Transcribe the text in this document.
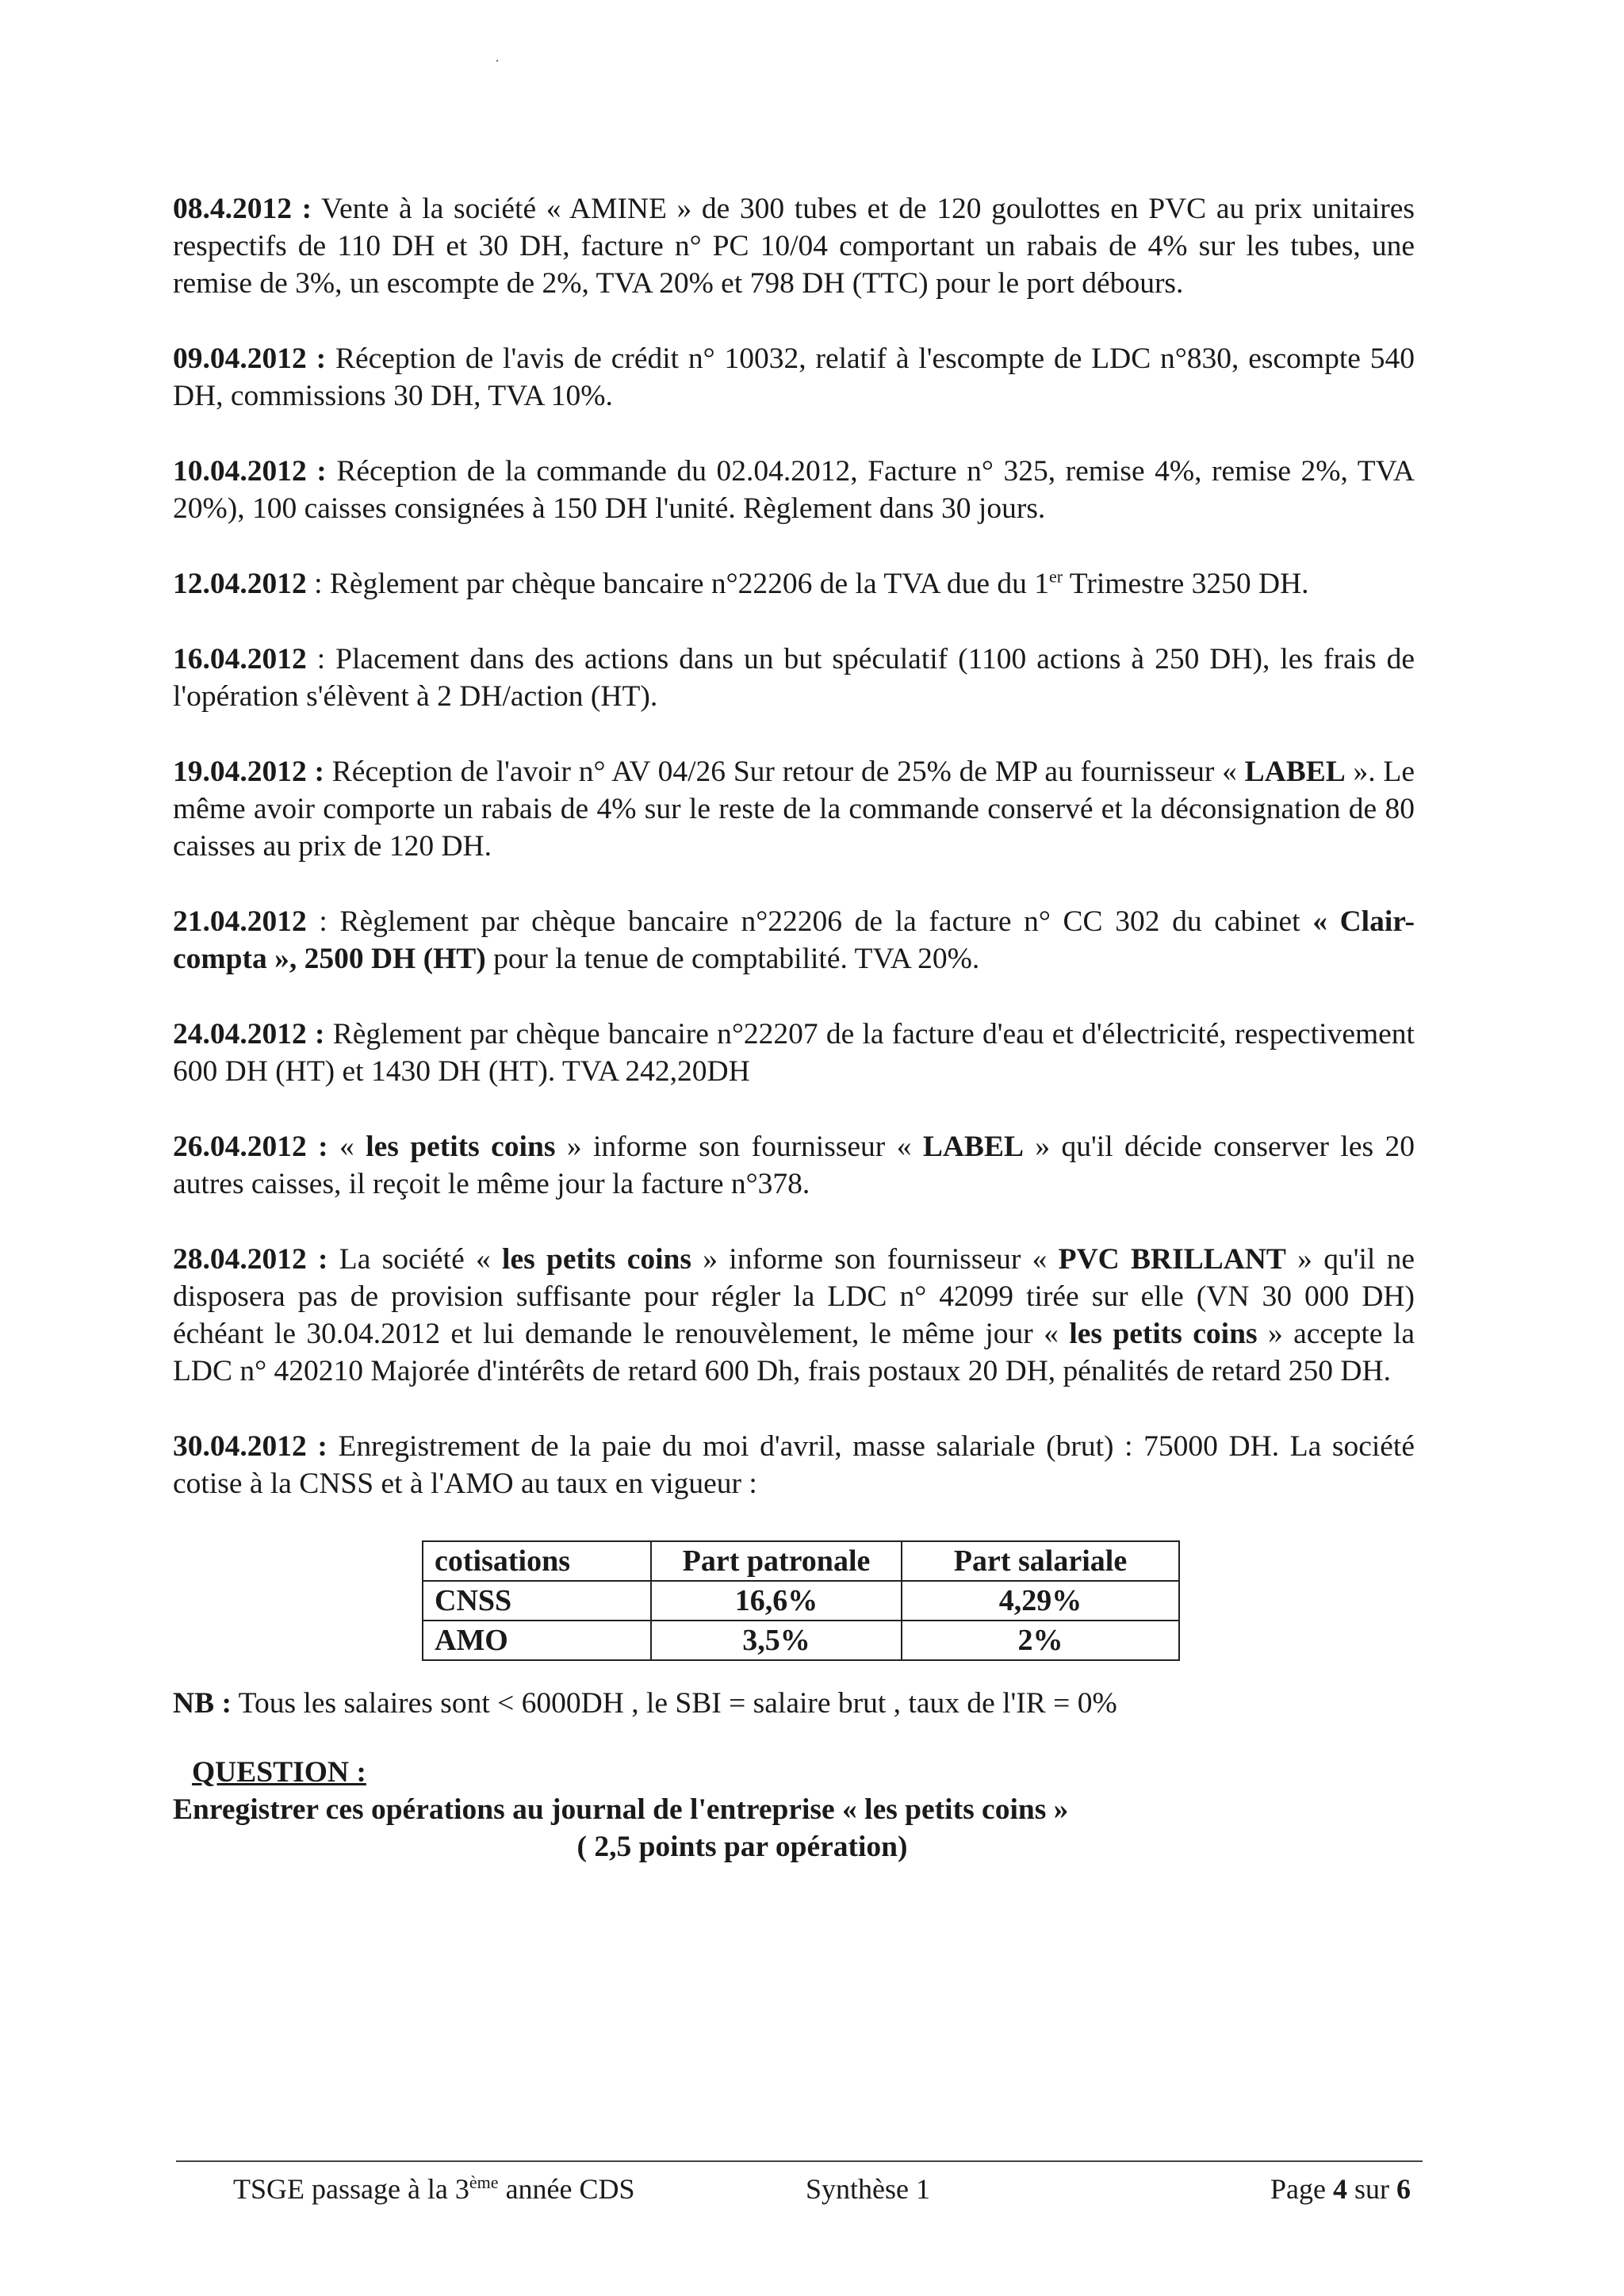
ˑ

08.4.2012 : Vente à la société « AMINE » de 300 tubes et de 120 goulottes en PVC au prix unitaires respectifs de 110 DH et 30 DH, facture n° PC 10/04 comportant un rabais de 4% sur les tubes, une remise de 3%, un escompte de 2%, TVA 20% et 798 DH (TTC) pour le port débours.

09.04.2012 : Réception de l'avis de crédit n° 10032, relatif à l'escompte de LDC n°830, escompte 540 DH, commissions 30 DH, TVA 10%.

10.04.2012 : Réception de la commande du 02.04.2012, Facture n° 325, remise 4%, remise 2%, TVA 20%), 100 caisses consignées à 150 DH l'unité. Règlement dans 30 jours.

12.04.2012 : Règlement par chèque bancaire n°22206 de la TVA due du 1er Trimestre 3250 DH.

16.04.2012 : Placement dans des actions dans un but spéculatif (1100 actions à 250 DH), les frais de l'opération s'élèvent à 2 DH/action (HT).

19.04.2012 : Réception de l'avoir n° AV 04/26 Sur retour de 25% de MP au fournisseur « LABEL ». Le même avoir comporte un rabais de 4% sur le reste de la commande conservé et la déconsignation de 80 caisses au prix de 120 DH.

21.04.2012 : Règlement par chèque bancaire n°22206 de la facture n° CC 302 du cabinet « Clair-compta », 2500 DH (HT) pour la tenue de comptabilité. TVA 20%.

24.04.2012 : Règlement par chèque bancaire n°22207 de la facture d'eau et d'électricité, respectivement 600 DH (HT) et 1430 DH (HT). TVA 242,20DH

26.04.2012 : « les petits coins » informe son fournisseur « LABEL » qu'il décide conserver les 20 autres caisses, il reçoit le même jour la facture n°378.

28.04.2012 : La société « les petits coins » informe son fournisseur « PVC BRILLANT » qu'il ne disposera pas de provision suffisante pour régler la LDC n° 42099 tirée sur elle (VN 30 000 DH) échéant le 30.04.2012 et lui demande le renouvèlement, le même jour « les petits coins » accepte la LDC n° 420210 Majorée d'intérêts de retard 600 Dh, frais postaux 20 DH, pénalités de retard 250 DH.

30.04.2012 : Enregistrement de la paie du moi d'avril, masse salariale (brut) : 75000 DH. La société cotise à la CNSS et à l'AMO au taux en vigueur :

cotisations	Part patronale	Part salariale
CNSS	16,6%	4,29%
AMO	3,5%	2%

NB : Tous les salaires sont < 6000DH , le SBI = salaire brut , taux de l'IR = 0%

QUESTION :
Enregistrer ces opérations au journal de l'entreprise « les petits coins »
( 2,5 points par opération)
TSGE passage à la 3ème année CDS	Synthèse 1	Page 4 sur 6
